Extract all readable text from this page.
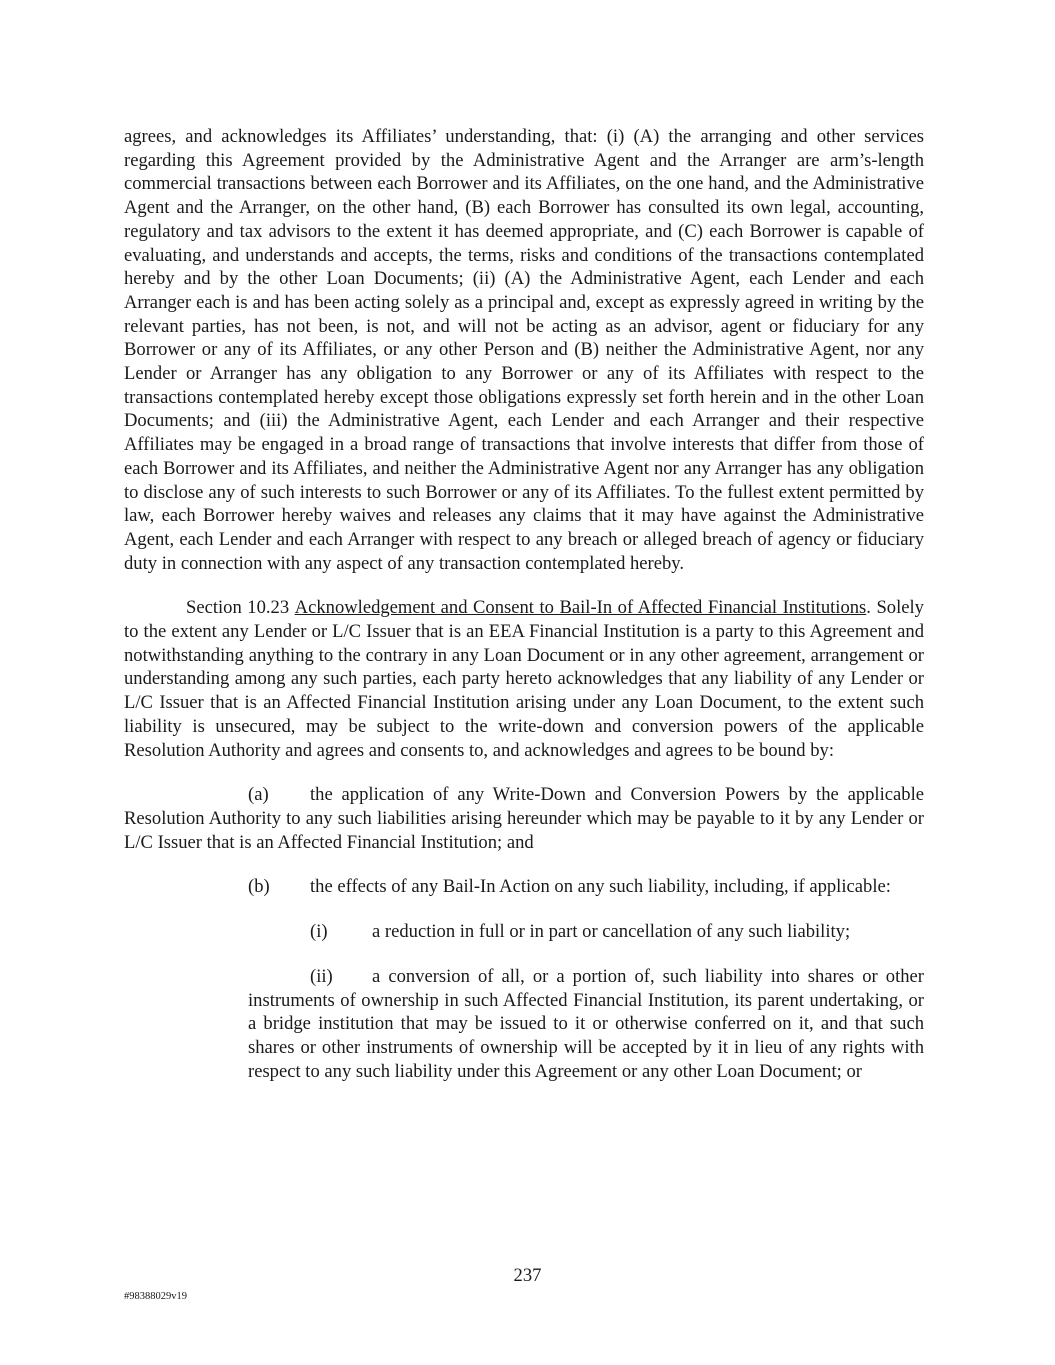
agrees, and acknowledges its Affiliates’ understanding, that: (i) (A) the arranging and other services regarding this Agreement provided by the Administrative Agent and the Arranger are arm’s-length commercial transactions between each Borrower and its Affiliates, on the one hand, and the Administrative Agent and the Arranger, on the other hand, (B) each Borrower has consulted its own legal, accounting, regulatory and tax advisors to the extent it has deemed appropriate, and (C) each Borrower is capable of evaluating, and understands and accepts, the terms, risks and conditions of the transactions contemplated hereby and by the other Loan Documents; (ii) (A) the Administrative Agent, each Lender and each Arranger each is and has been acting solely as a principal and, except as expressly agreed in writing by the relevant parties, has not been, is not, and will not be acting as an advisor, agent or fiduciary for any Borrower or any of its Affiliates, or any other Person and (B) neither the Administrative Agent, nor any Lender or Arranger has any obligation to any Borrower or any of its Affiliates with respect to the transactions contemplated hereby except those obligations expressly set forth herein and in the other Loan Documents; and (iii) the Administrative Agent, each Lender and each Arranger and their respective Affiliates may be engaged in a broad range of transactions that involve interests that differ from those of each Borrower and its Affiliates, and neither the Administrative Agent nor any Arranger has any obligation to disclose any of such interests to such Borrower or any of its Affiliates. To the fullest extent permitted by law, each Borrower hereby waives and releases any claims that it may have against the Administrative Agent, each Lender and each Arranger with respect to any breach or alleged breach of agency or fiduciary duty in connection with any aspect of any transaction contemplated hereby.

Section 10.23 Acknowledgement and Consent to Bail-In of Affected Financial Institutions. Solely to the extent any Lender or L/C Issuer that is an EEA Financial Institution is a party to this Agreement and notwithstanding anything to the contrary in any Loan Document or in any other agreement, arrangement or understanding among any such parties, each party hereto acknowledges that any liability of any Lender or L/C Issuer that is an Affected Financial Institution arising under any Loan Document, to the extent such liability is unsecured, may be subject to the write-down and conversion powers of the applicable Resolution Authority and agrees and consents to, and acknowledges and agrees to be bound by:

(a) the application of any Write-Down and Conversion Powers by the applicable Resolution Authority to any such liabilities arising hereunder which may be payable to it by any Lender or L/C Issuer that is an Affected Financial Institution; and

(b) the effects of any Bail-In Action on any such liability, including, if applicable:

(i) a reduction in full or in part or cancellation of any such liability;

(ii) a conversion of all, or a portion of, such liability into shares or other instruments of ownership in such Affected Financial Institution, its parent undertaking, or a bridge institution that may be issued to it or otherwise conferred on it, and that such shares or other instruments of ownership will be accepted by it in lieu of any rights with respect to any such liability under this Agreement or any other Loan Document; or

237
#98388029v19
